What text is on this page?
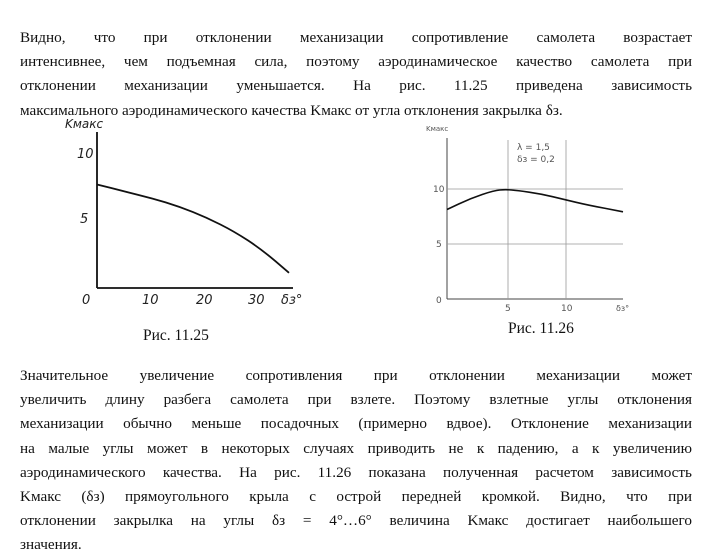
Видно, что при отклонении механизации сопротивление самолета возрастает
интенсивнее, чем подъемная сила, поэтому аэродинамическое качество самолета при
отклонении механизации уменьшается. На рис. 11.25 приведена зависимость
максимального аэродинамического качества Kмакс от угла отклонения закрылка δз.
Kмакс
10
5
0	10	20	30 δз°
Kмакс
10
5
0
5	10	δз°
λ = 1,5
δз = 0,2
Рис. 11.25	Рис. 11.26
Значительное увеличение сопротивления при отклонении механизации может
увеличить длину разбега самолета при взлете. Поэтому взлетные углы отклонения
механизации обычно меньше посадочных (примерно вдвое). Отклонение механизации
на малые углы может в некоторых случаях приводить не к падению, а к увеличению
аэродинамического качества. На рис. 11.26 показана полученная расчетом зависимость
Kмакс (δз) прямоугольного крыла с острой передней кромкой. Видно, что при
отклонении закрылка на углы δз = 4°…6° величина Kмакс достигает наибольшего
значения.
